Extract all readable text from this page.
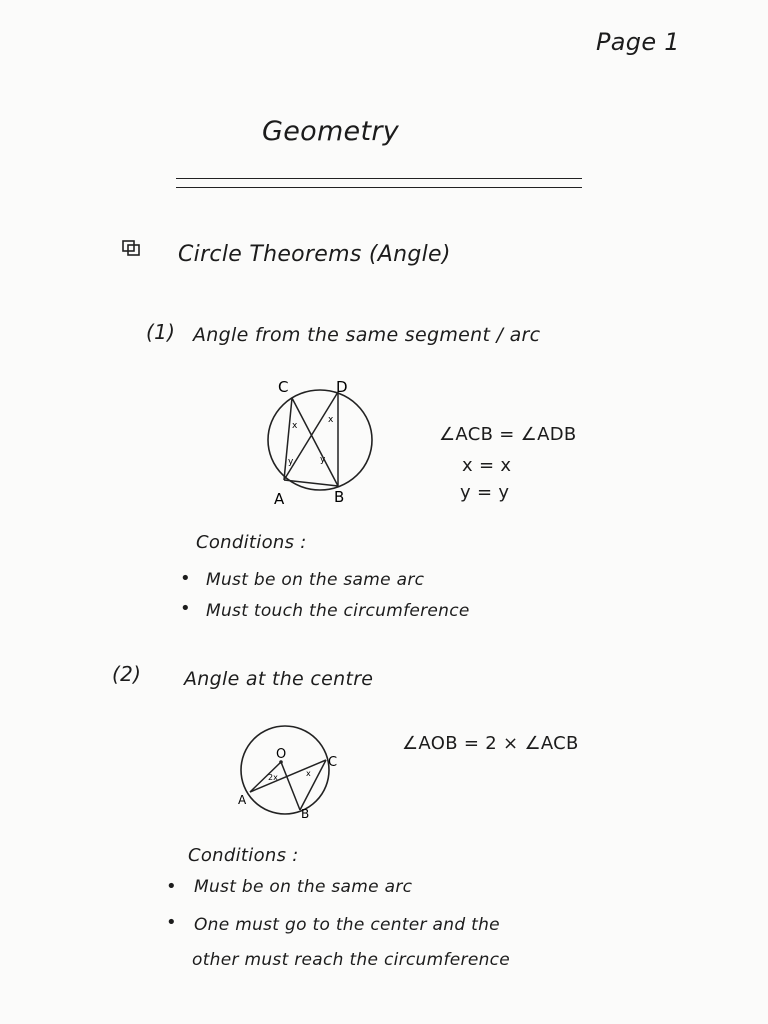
Page 1
Geometry
Circle Theorems (Angle)
(1) Angle from the same segment / arc
C	D
A	B
x
x
y	y
∠ACB = ∠ADB
x = x
y = y
Conditions :
• Must be on the same arc
• Must touch the circumference
(2) Angle at the centre
O
A
B
C
2x	x
∠AOB = 2 × ∠ACB
Conditions :
• Must be on the same arc
• One must go to the center and the
other must reach the circumference
